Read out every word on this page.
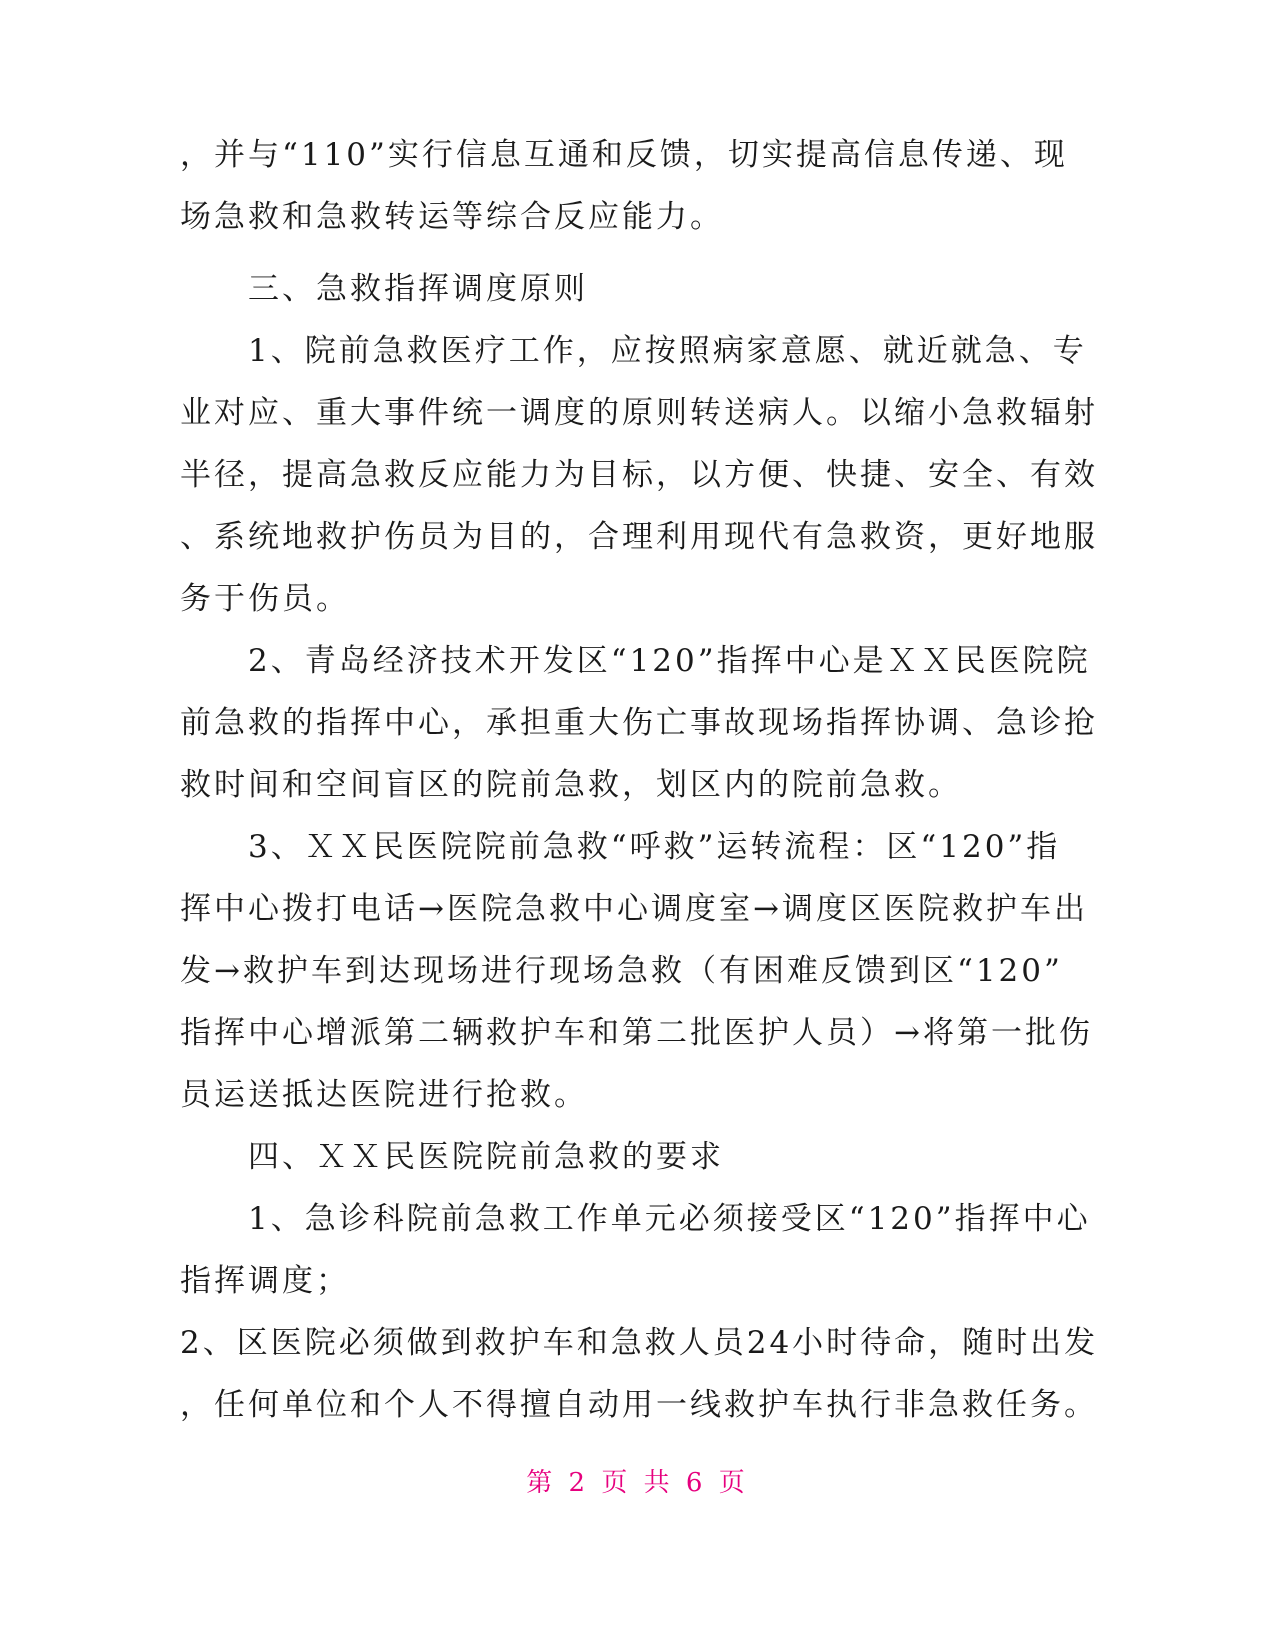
，并与“110”实行信息互通和反馈，切实提高信息传递、现
场急救和急救转运等综合反应能力。
　　三、急救指挥调度原则
　　1、院前急救医疗工作，应按照病家意愿、就近就急、专
业对应、重大事件统一调度的原则转送病人。以缩小急救辐射
半径，提高急救反应能力为目标，以方便、快捷、安全、有效
、系统地救护伤员为目的，合理利用现代有急救资，更好地服
务于伤员。
　　2、青岛经济技术开发区“120”指挥中心是ＸＸ民医院院
前急救的指挥中心，承担重大伤亡事故现场指挥协调、急诊抢
救时间和空间盲区的院前急救，划区内的院前急救。
　　3、ＸＸ民医院院前急救“呼救”运转流程：区“120”指
挥中心拨打电话→医院急救中心调度室→调度区医院救护车出
发→救护车到达现场进行现场急救（有困难反馈到区“120”
指挥中心增派第二辆救护车和第二批医护人员）→将第一批伤
员运送抵达医院进行抢救。
　　四、ＸＸ民医院院前急救的要求
　　1、急诊科院前急救工作单元必须接受区“120”指挥中心
指挥调度；
2、区医院必须做到救护车和急救人员24小时待命，随时出发
，任何单位和个人不得擅自动用一线救护车执行非急救任务。
第 2 页 共 6 页
